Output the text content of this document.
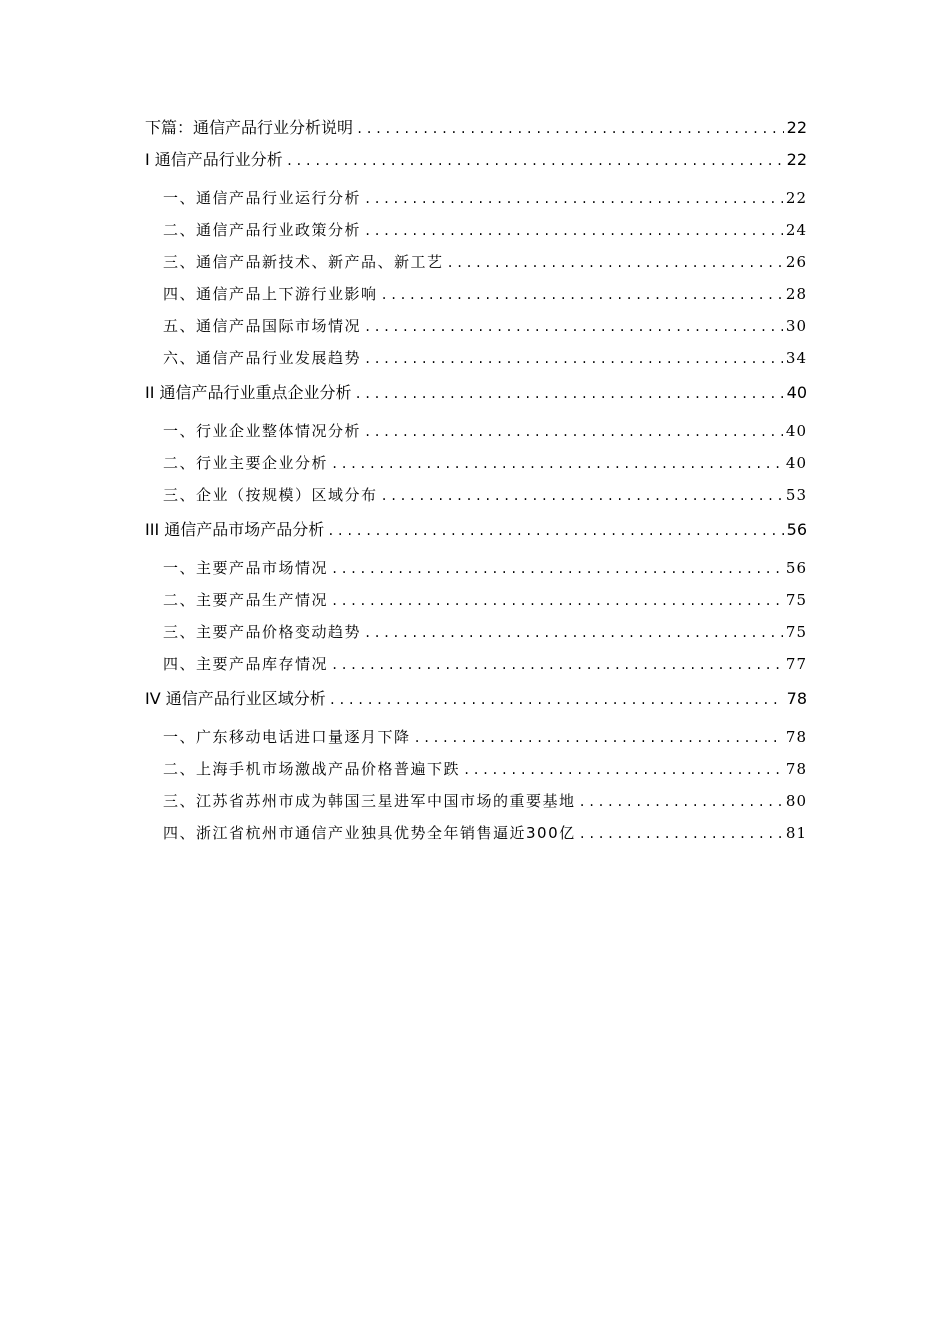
下篇：通信产品行业分析说明 .....	22
I 通信产品行业分析 .....	22
一、通信产品行业运行分析 .....	22
二、通信产品行业政策分析 .....	24
三、通信产品新技术、新产品、新工艺 .....	26
四、通信产品上下游行业影响 .....	28
五、通信产品国际市场情况 .....	30
六、通信产品行业发展趋势 .....	34
II 通信产品行业重点企业分析 .....	40
一、行业企业整体情况分析 .....	40
二、行业主要企业分析 .....	40
三、企业（按规模）区域分布 .....	53
III 通信产品市场产品分析 .....	56
一、主要产品市场情况 .....	56
二、主要产品生产情况 .....	75
三、主要产品价格变动趋势 .....	75
四、主要产品库存情况 .....	77
IV 通信产品行业区域分析 .....	78
一、广东移动电话进口量逐月下降 .....	78
二、上海手机市场激战产品价格普遍下跌 .....	78
三、江苏省苏州市成为韩国三星进军中国市场的重要基地 .....	80
四、浙江省杭州市通信产业独具优势全年销售逼近300亿 .....	81
